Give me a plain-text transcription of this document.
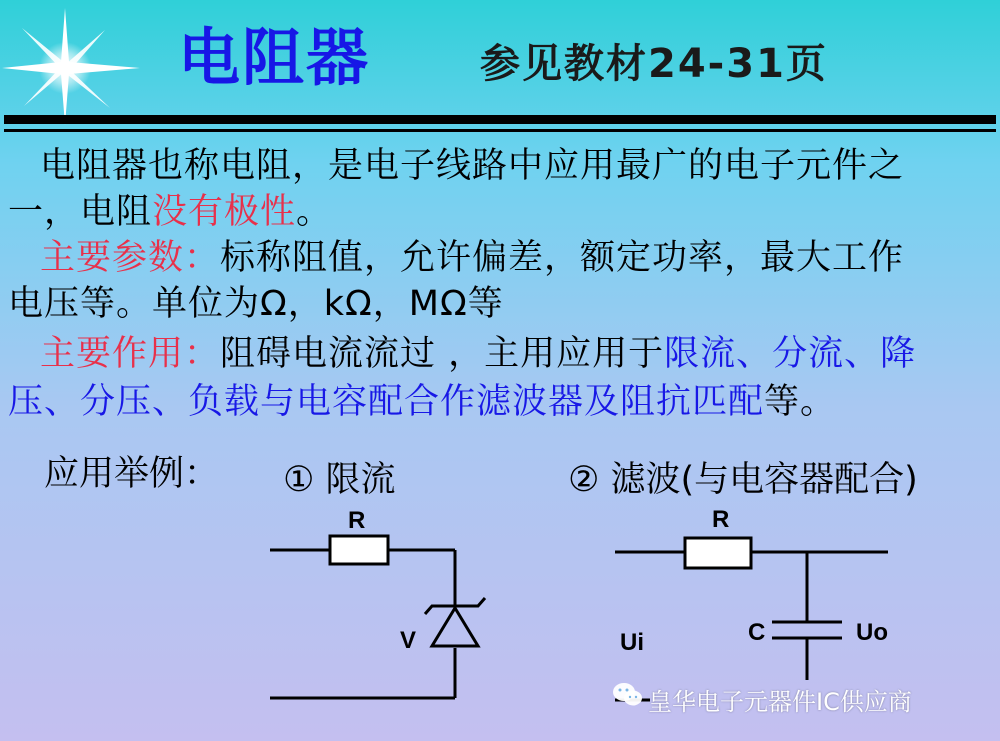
电阻器	参见教材24-31页
电阻器也称电阻，是电子线路中应用最广的电子元件之
一，电阻没有极性。
主要参数：标称阻值，允许偏差，额定功率，最大工作
电压等。单位为Ω，kΩ，MΩ等
主要作用：阻碍电流流过 ，主用应用于限流、分流、降
压、分压、负载与电容配合作滤波器及阻抗匹配等。
应用举例： ① 限流	② 滤波(与电容器配合)
R
V
R
C
Ui	Uo
皇华电子元器件IC供应商
